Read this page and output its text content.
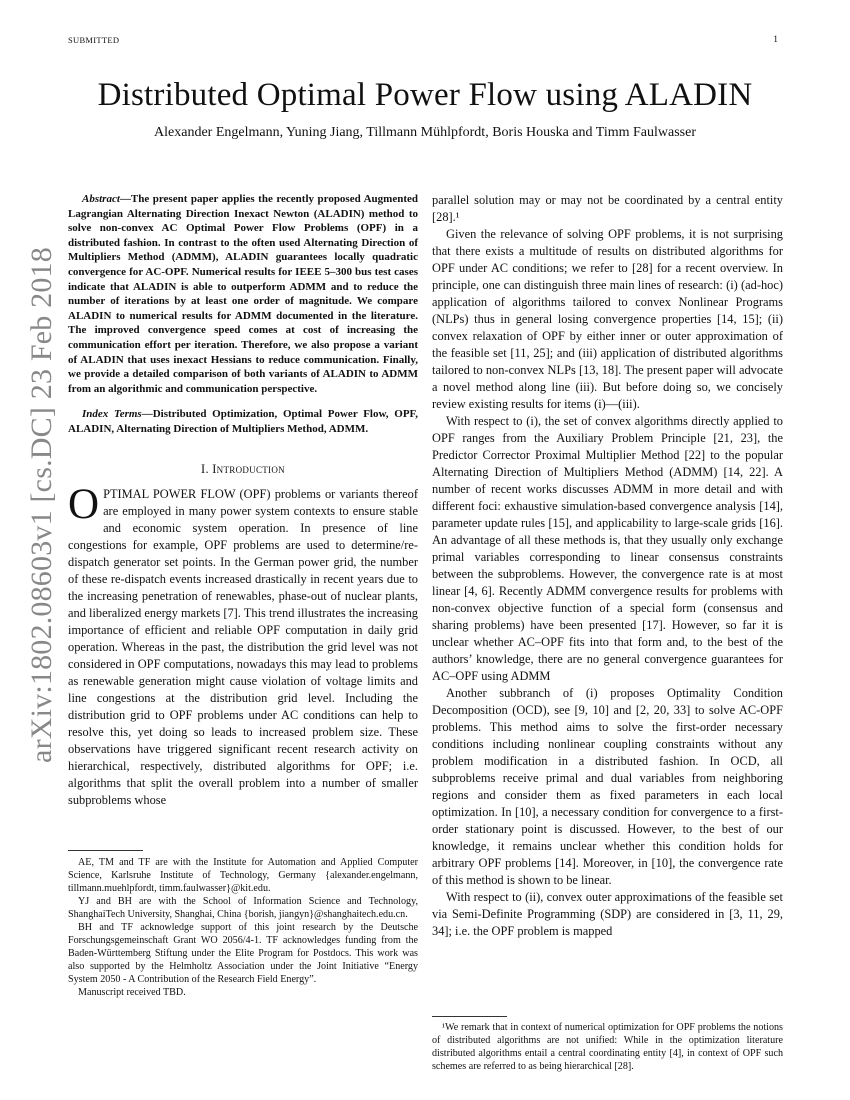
SUBMITTED	1
arXiv:1802.08603v1 [cs.DC] 23 Feb 2018
Distributed Optimal Power Flow using ALADIN
Alexander Engelmann, Yuning Jiang, Tillmann Mühlpfordt, Boris Houska and Timm Faulwasser

Abstract—The present paper applies the recently proposed Augmented Lagrangian Alternating Direction Inexact Newton (ALADIN) method to solve non-convex AC Optimal Power Flow Problems (OPF) in a distributed fashion. In contrast to the often used Alternating Direction of Multipliers Method (ADMM), ALADIN guarantees locally quadratic convergence for AC-OPF. Numerical results for IEEE 5–300 bus test cases indicate that ALADIN is able to outperform ADMM and to reduce the number of iterations by at least one order of magnitude. We compare ALADIN to numerical results for ADMM documented in the literature. The improved convergence speed comes at cost of increasing the communication effort per iteration. Therefore, we also propose a variant of ALADIN that uses inexact Hessians to reduce communication. Finally, we provide a detailed comparison of both variants of ALADIN to ADMM from an algorithmic and communication perspective.

Index Terms—Distributed Optimization, Optimal Power Flow, OPF, ALADIN, Alternating Direction of Multipliers Method, ADMM.

I. Introduction

OPTIMAL POWER FLOW (OPF) problems or variants thereof are employed in many power system contexts to ensure stable and economic system operation. In presence of line congestions for example, OPF problems are used to determine/re-dispatch generator set points. In the German power grid, the number of these re-dispatch events increased drastically in recent years due to the increasing penetration of renewables, phase-out of nuclear plants, and liberalized energy markets [7]. This trend illustrates the increasing importance of efficient and reliable OPF computation in daily grid operation. Whereas in the past, the distribution the grid level was not considered in OPF computations, nowadays this may lead to problems as renewable generation might cause violation of voltage limits and line congestions at the distribution grid level. Including the distribution grid to OPF problems under AC conditions can help to resolve this, yet doing so leads to increased problem size. These observations have triggered significant recent research activity on hierarchical, respectively, distributed algorithms for OPF; i.e. algorithms that split the overall problem into a number of smaller subproblems whose

AE, TM and TF are with the Institute for Automation and Applied Computer Science, Karlsruhe Institute of Technology, Germany {alexander.engelmann, tillmann.muehlpfordt, timm.faulwasser}@kit.edu.

YJ and BH are with the School of Information Science and Technology, ShanghaiTech University, Shanghai, China {borish, jiangyn}@shanghaitech.edu.cn.

BH and TF acknowledge support of this joint research by the Deutsche Forschungsgemeinschaft Grant WO 2056/4-1. TF acknowledges funding from the Baden-Württemberg Stiftung under the Elite Program for Postdocs. This work was also supported by the Helmholtz Association under the Joint Initiative “Energy System 2050 - A Contribution of the Research Field Energy”.

Manuscript received TBD.

parallel solution may or may not be coordinated by a central entity [28].¹

Given the relevance of solving OPF problems, it is not surprising that there exists a multitude of results on distributed algorithms for OPF under AC conditions; we refer to [28] for a recent overview. In principle, one can distinguish three main lines of research: (i) (ad-hoc) application of algorithms tailored to convex Nonlinear Programs (NLPs) thus in general losing convergence properties [14, 15]; (ii) convex relaxation of OPF by either inner or outer approximation of the feasible set [11, 25]; and (iii) application of distributed algorithms tailored to non-convex NLPs [13, 18]. The present paper will advocate a novel method along line (iii). But before doing so, we concisely review existing results for items (i)—(iii).

With respect to (i), the set of convex algorithms directly applied to OPF ranges from the Auxiliary Problem Principle [21, 23], the Predictor Corrector Proximal Multiplier Method [22] to the popular Alternating Direction of Multipliers Method (ADMM) [14, 22]. A number of recent works discusses ADMM in more detail and with different foci: exhaustive simulation-based convergence analysis [14], parameter update rules [15], and applicability to large-scale grids [16]. An advantage of all these methods is, that they usually only exchange primal variables corresponding to linear consensus constraints between the subproblems. However, the convergence rate is at most linear [4, 6]. Recently ADMM convergence results for problems with non-convex objective function of a special form (consensus and sharing problems) have been presented [17]. However, so far it is unclear whether AC–OPF fits into that form and, to the best of the authors’ knowledge, there are no general convergence guarantees for AC–OPF using ADMM

Another subbranch of (i) proposes Optimality Condition Decomposition (OCD), see [9, 10] and [2, 20, 33] to solve AC-OPF problems. This method aims to solve the first-order necessary conditions including nonlinear coupling constraints without any problem modification in a distributed fashion. In OCD, all subproblems receive primal and dual variables from neighboring regions and consider them as fixed parameters in each local optimization. In [10], a necessary condition for convergence to a first-order stationary point is discussed. However, to the best of our knowledge, it remains unclear whether this condition holds for arbitrary OPF problems [14]. Moreover, in [10], the convergence rate of this method is shown to be linear.

With respect to (ii), convex outer approximations of the feasible set via Semi-Definite Programming (SDP) are considered in [3, 11, 29, 34]; i.e. the OPF problem is mapped

¹We remark that in context of numerical optimization for OPF problems the notions of distributed algorithms are not unified: While in the optimization literature distributed algorithms entail a central coordinating entity [4], in context of OPF such schemes are referred to as being hierarchical [28].
